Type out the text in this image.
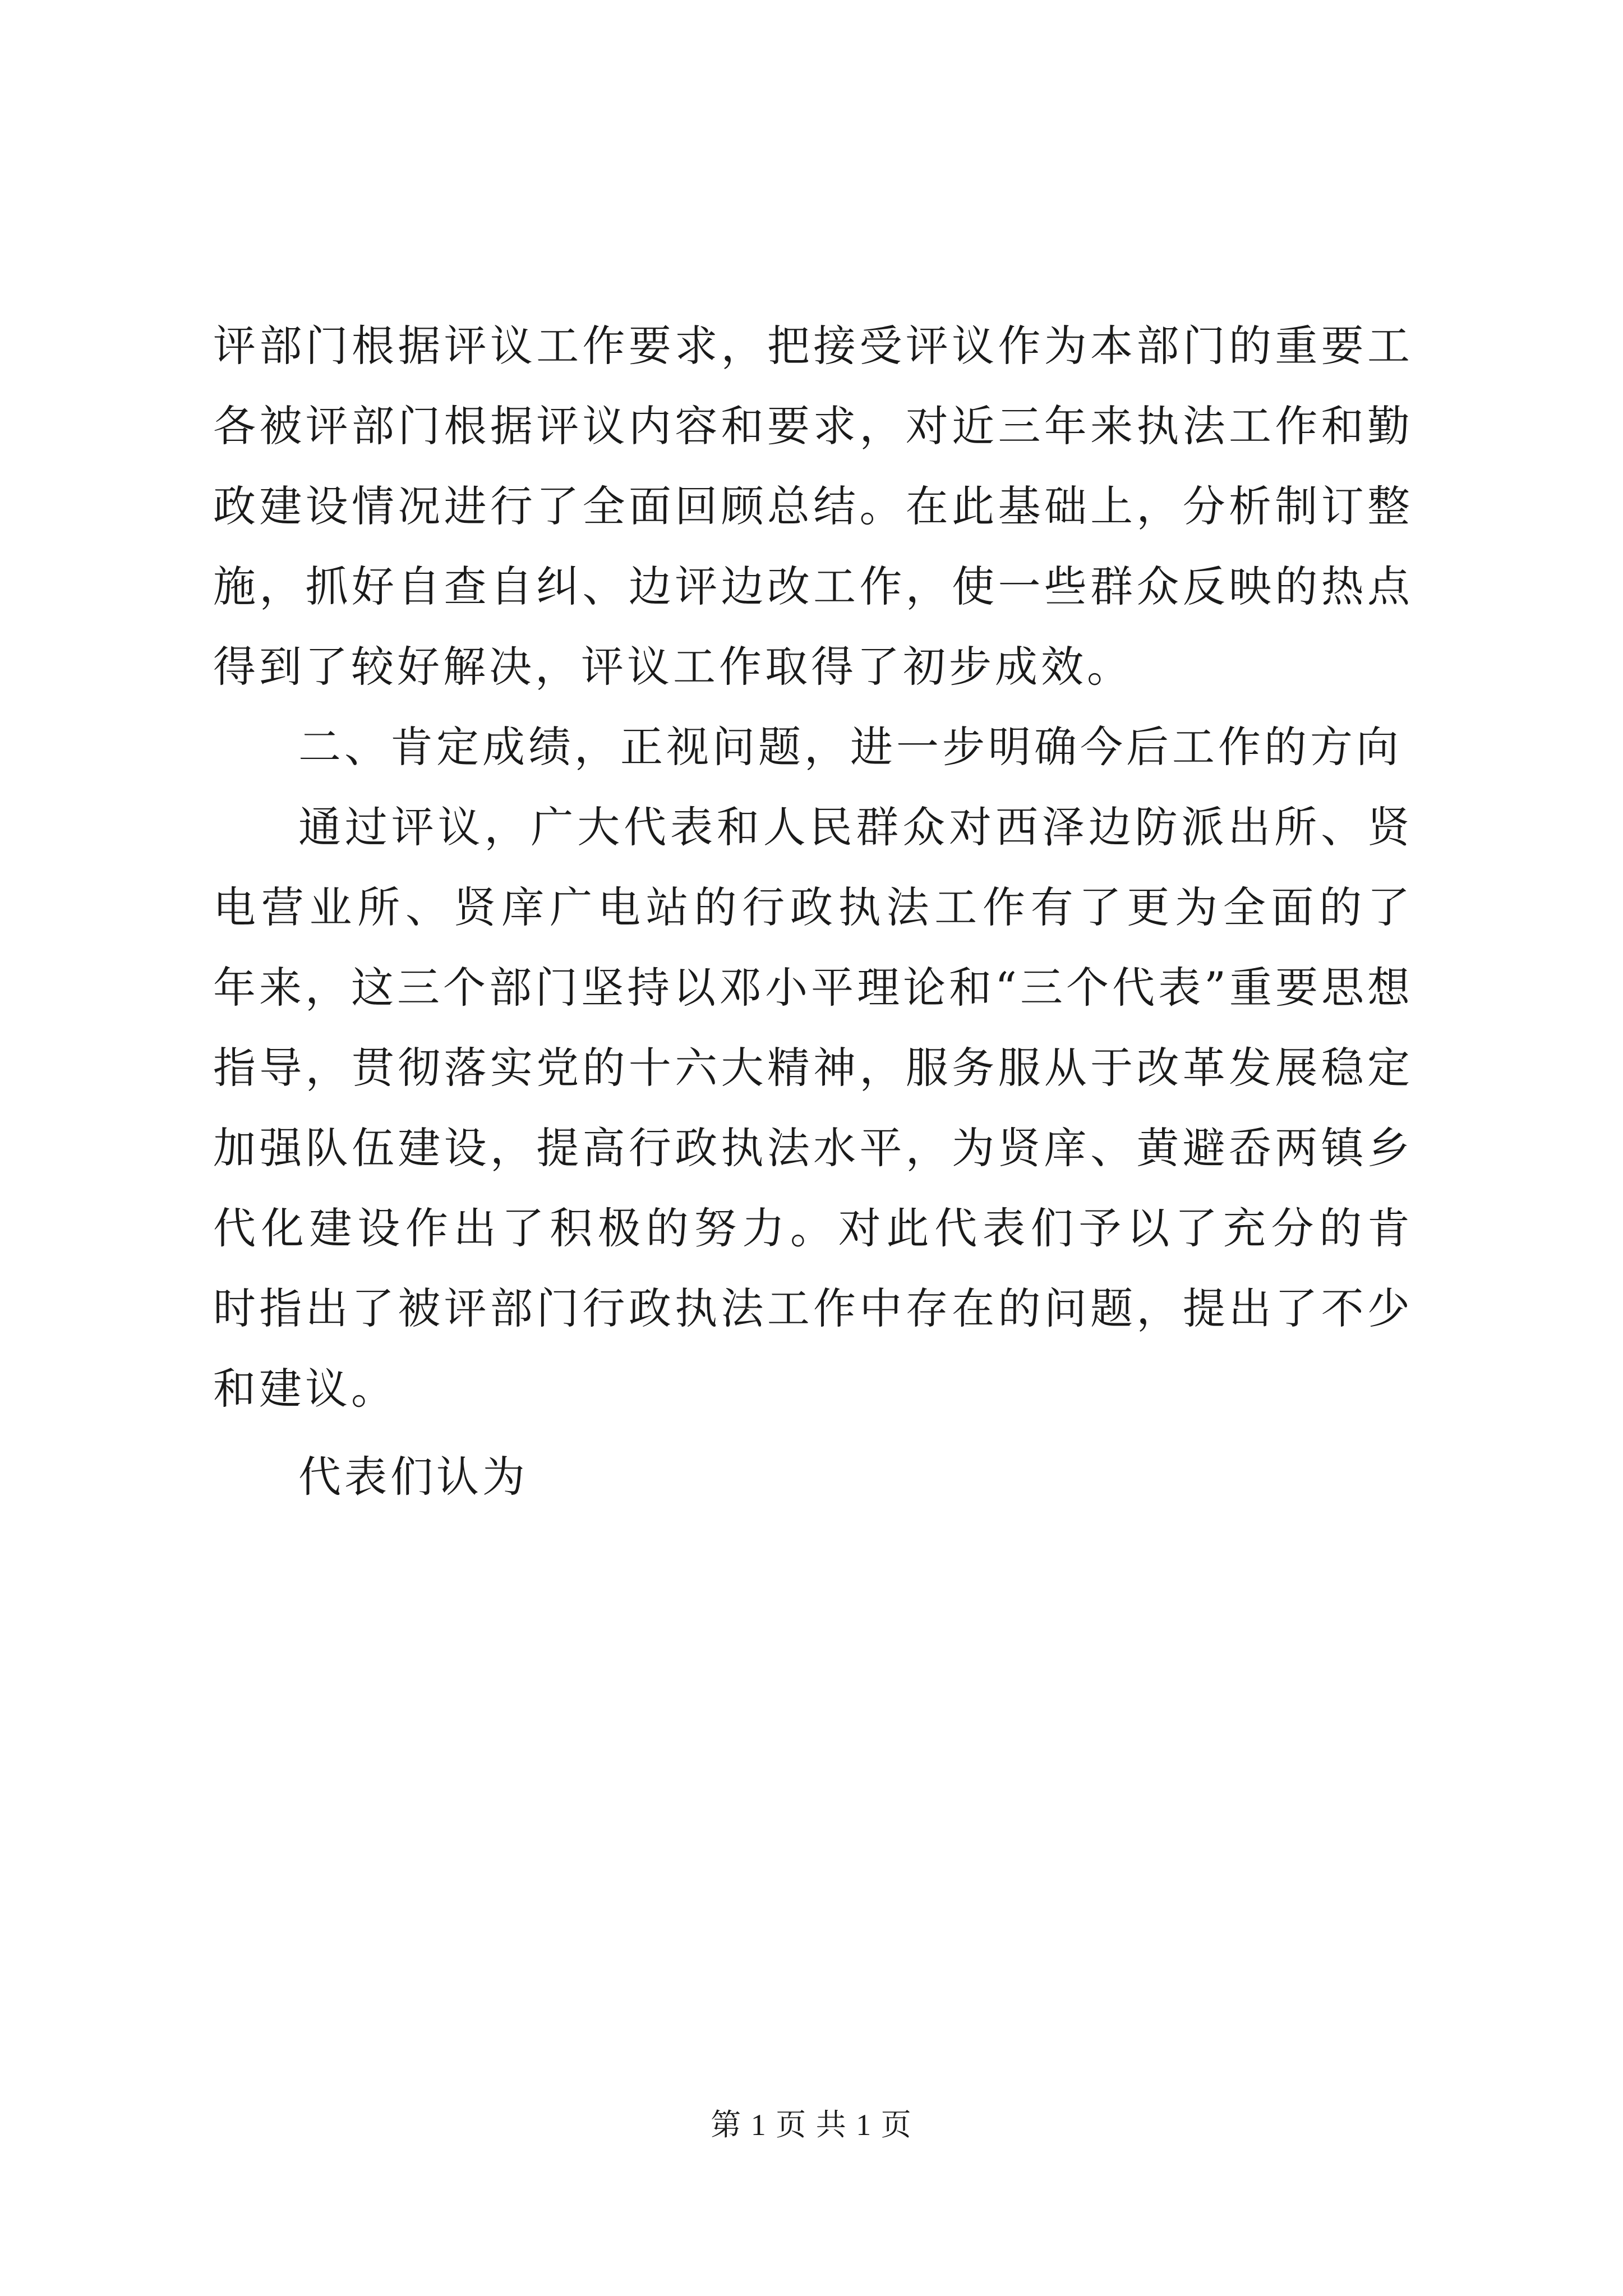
评部门根据评议工作要求，把接受评议作为本部门的重要工
各被评部门根据评议内容和要求，对近三年来执法工作和勤
政建设情况进行了全面回顾总结。在此基础上，分析制订整
施，抓好自查自纠、边评边改工作，使一些群众反映的热点
得到了较好解决，评议工作取得了初步成效。
二、肯定成绩，正视问题，进一步明确今后工作的方向
通过评议，广大代表和人民群众对西泽边防派出所、贤
电营业所、贤庠广电站的行政执法工作有了更为全面的了
年来，这三个部门坚持以邓小平理论和“三个代表”重要思想
指导，贯彻落实党的十六大精神，服务服从于改革发展稳定
加强队伍建设，提高行政执法水平，为贤庠、黄避岙两镇乡
代化建设作出了积极的努力。对此代表们予以了充分的肯
时指出了被评部门行政执法工作中存在的问题，提出了不少
和建议。
代表们认为
第 1 页 共 1 页
